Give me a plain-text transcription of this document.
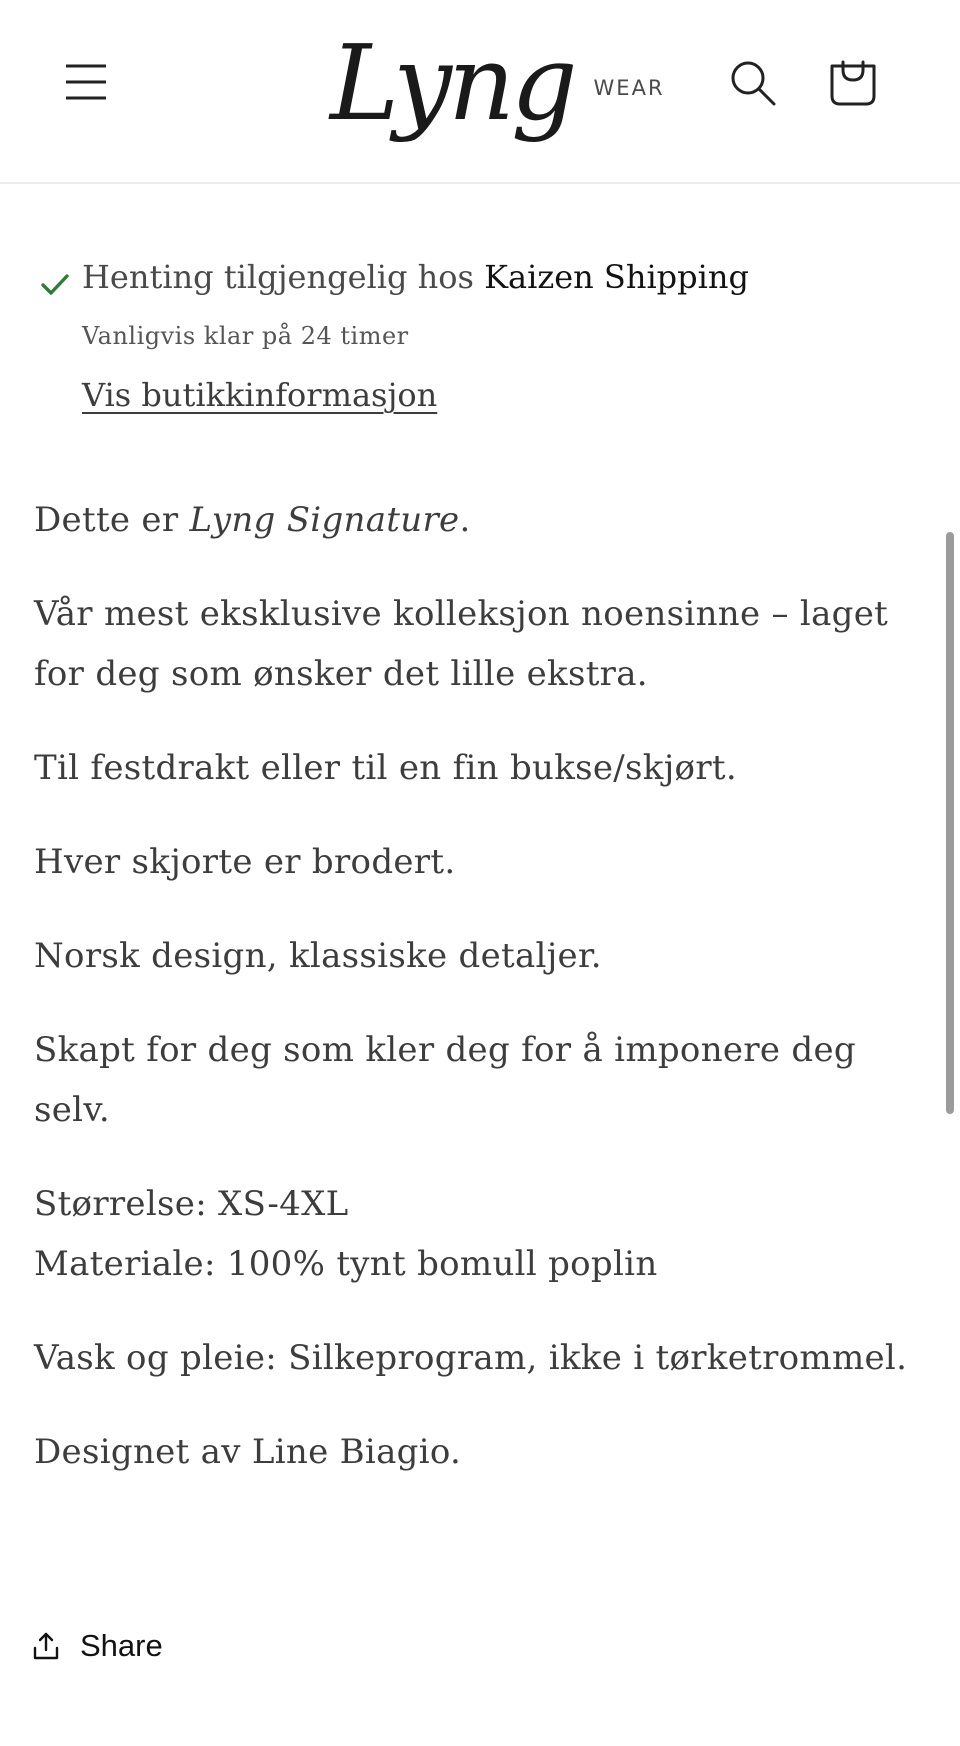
Lyng WEAR
Henting tilgjengelig hos Kaizen Shipping
Vanligvis klar på 24 timer
Vis butikkinformasjon

Dette er Lyng Signature.

Vår mest eksklusive kolleksjon noensinne – laget for deg som ønsker det lille ekstra.

Til festdrakt eller til en fin bukse/skjørt.

Hver skjorte er brodert.

Norsk design, klassiske detaljer.

Skapt for deg som kler deg for å imponere deg selv.

Størrelse: XS-4XL
Materiale: 100% tynt bomull poplin

Vask og pleie: Silkeprogram, ikke i tørketrommel.

Designet av Line Biagio.

Share
